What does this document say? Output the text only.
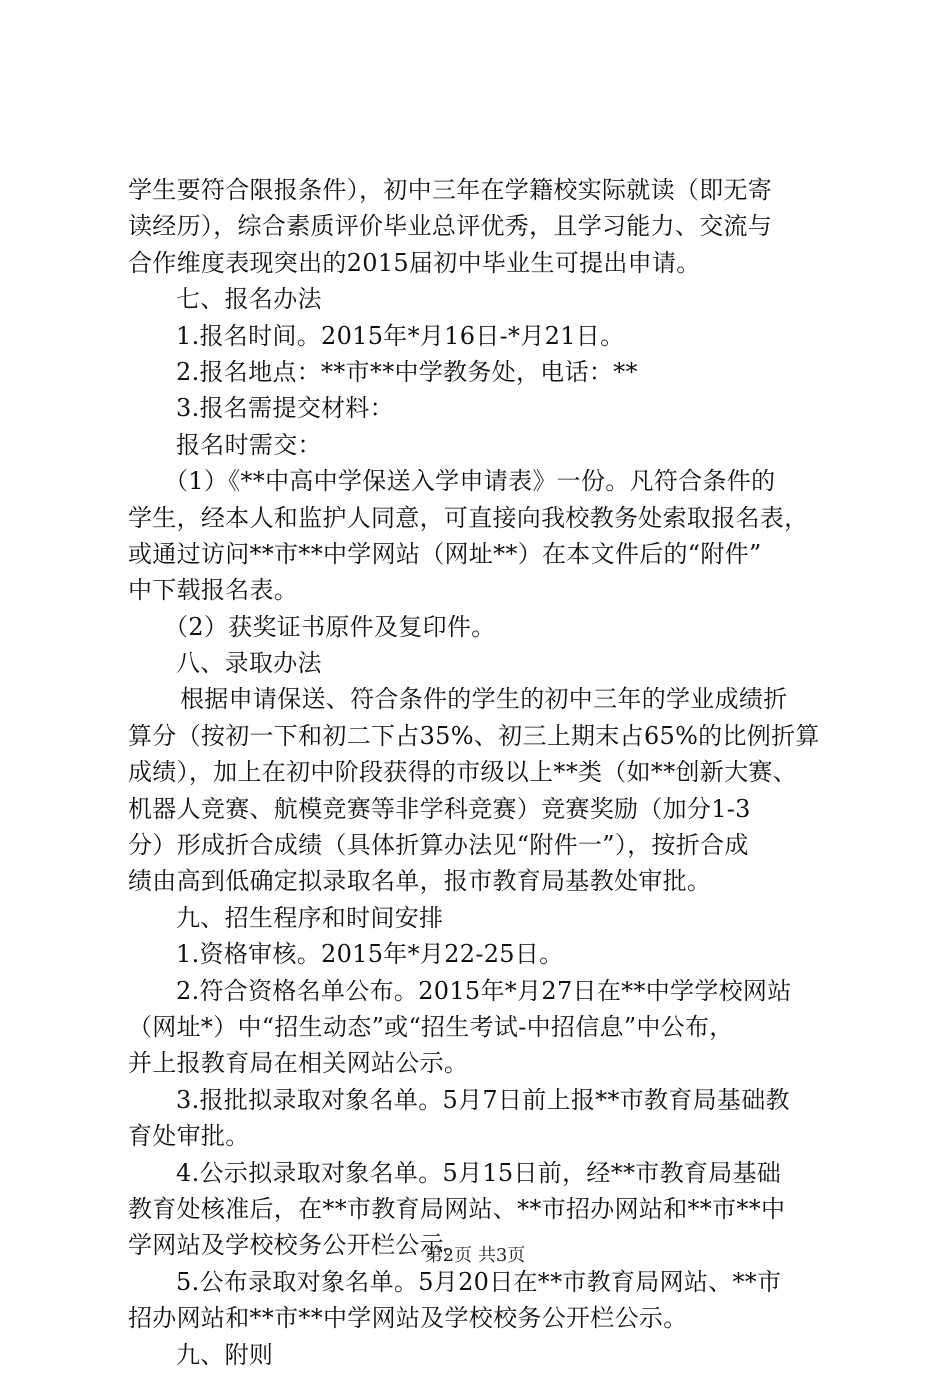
学生要符合限报条件），初中三年在学籍校实际就读（即无寄
读经历），综合素质评价毕业总评优秀，且学习能力、交流与
合作维度表现突出的2015届初中毕业生可提出申请。
七、报名办法
1.报名时间。2015年*月16日-*月21日。
2.报名地点：**市**中学教务处，电话：**
3.报名需提交材料：
报名时需交：
（1）《**中高中学保送入学申请表》一份。凡符合条件的
学生，经本人和监护人同意，可直接向我校教务处索取报名表，
或通过访问**市**中学网站（网址**）在本文件后的“附件”
中下载报名表。
（2）获奖证书原件及复印件。
八、录取办法
根据申请保送、符合条件的学生的初中三年的学业成绩折
算分（按初一下和初二下占35%、初三上期末占65%的比例折算
成绩），加上在初中阶段获得的市级以上**类（如**创新大赛、
机器人竞赛、航模竞赛等非学科竞赛）竞赛奖励（加分1-3
分）形成折合成绩（具体折算办法见“附件一”），按折合成
绩由高到低确定拟录取名单，报市教育局基教处审批。
九、招生程序和时间安排
1.资格审核。2015年*月22-25日。
2.符合资格名单公布。2015年*月27日在**中学学校网站
（网址*）中“招生动态”或“招生考试-中招信息”中公布，
并上报教育局在相关网站公示。
3.报批拟录取对象名单。5月7日前上报**市教育局基础教
育处审批。
4.公示拟录取对象名单。5月15日前，经**市教育局基础
教育处核准后，在**市教育局网站、**市招办网站和**市**中
学网站及学校校务公开栏公示。
5.公布录取对象名单。5月20日在**市教育局网站、**市
招办网站和**市**中学网站及学校校务公开栏公示。
九、附则
第2页 共3页
